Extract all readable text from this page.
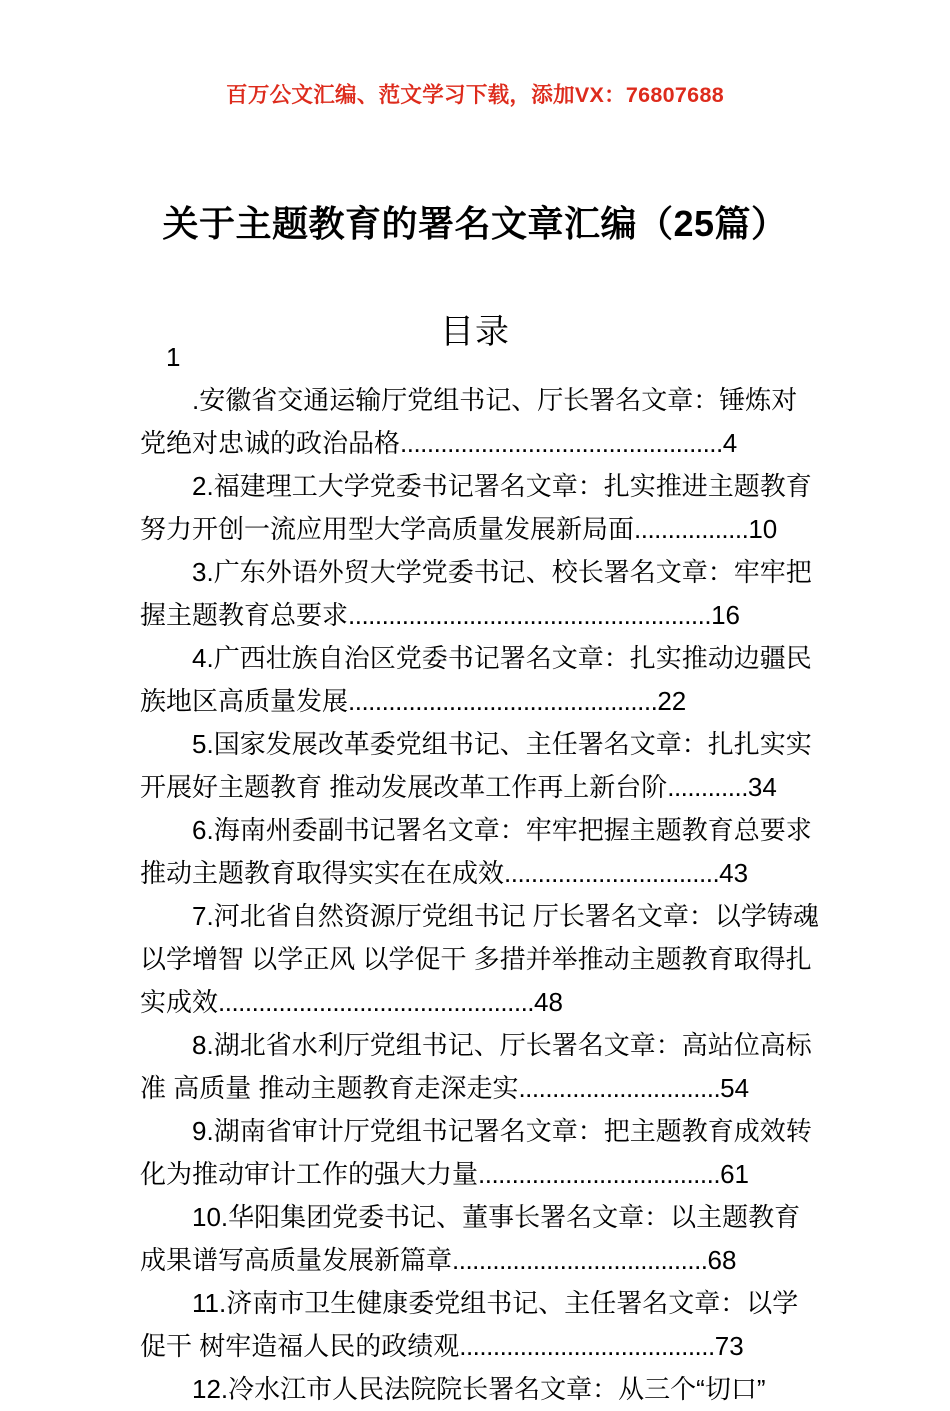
百万公文汇编、范文学习下载，添加VX：76807688
关于主题教育的署名文章汇编（25篇）
目录

1
.安徽省交通运输厅党组书记、厅长署名文章：锤炼对党绝对忠诚的政治品格................................................4

2.福建理工大学党委书记署名文章：扎实推进主题教育 努力开创一流应用型大学高质量发展新局面.................10

3.广东外语外贸大学党委书记、校长署名文章：牢牢把握主题教育总要求......................................................16

4.广西壮族自治区党委书记署名文章：扎实推动边疆民族地区高质量发展..............................................22

5.国家发展改革委党组书记、主任署名文章：扎扎实实开展好主题教育 推动发展改革工作再上新台阶............34

6.海南州委副书记署名文章：牢牢把握主题教育总要求 推动主题教育取得实实在在成效................................43

7.河北省自然资源厅党组书记 厅长署名文章：以学铸魂 以学增智 以学正风 以学促干 多措并举推动主题教育取得扎实成效...............................................48

8.湖北省水利厅党组书记、厅长署名文章：高站位高标准 高质量 推动主题教育走深走实..............................54

9.湖南省审计厅党组书记署名文章：把主题教育成效转化为推动审计工作的强大力量....................................61

10.华阳集团党委书记、董事长署名文章：以主题教育成果谱写高质量发展新篇章......................................68

11.济南市卫生健康委党组书记、主任署名文章：以学促干 树牢造福人民的政绩观......................................73

12.冷水江市人民法院院长署名文章：从三个“切口”
